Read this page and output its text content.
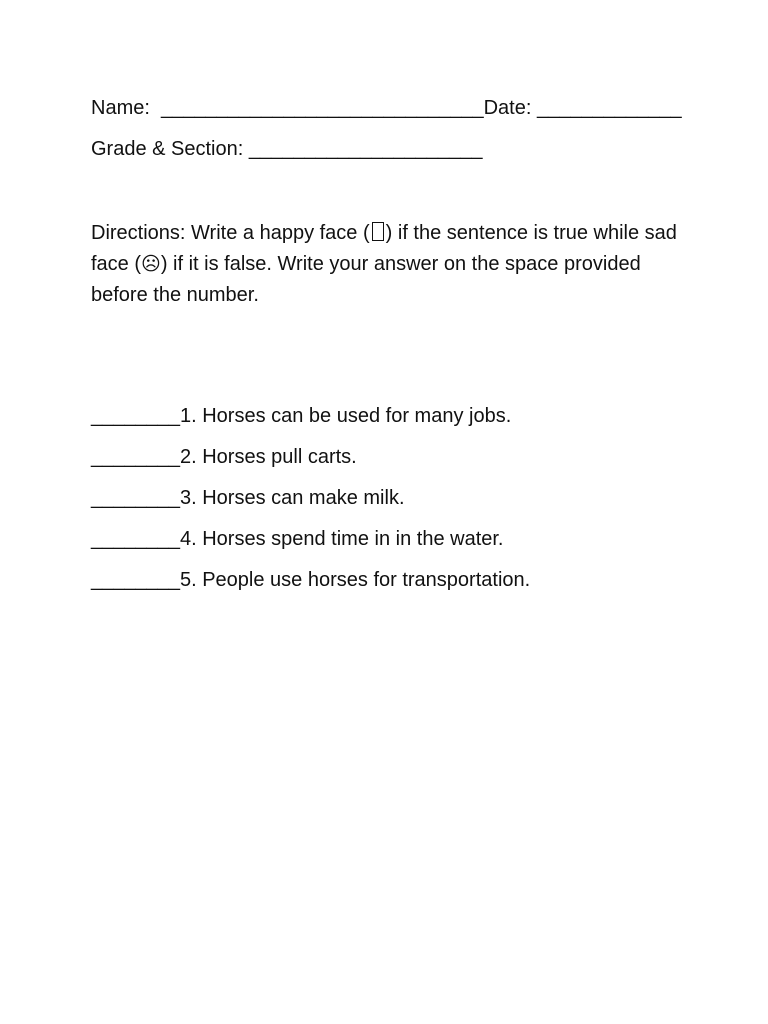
Name:  _____________________________Date: _____________
Grade & Section: _____________________

Directions: Write a happy face ( ) if the sentence is true while sad face (☹) if it is false. Write your answer on the space provided before the number.

________1. Horses can be used for many jobs.
________2. Horses pull carts.
________3. Horses can make milk.
________4. Horses spend time in in the water.
________5. People use horses for transportation.
